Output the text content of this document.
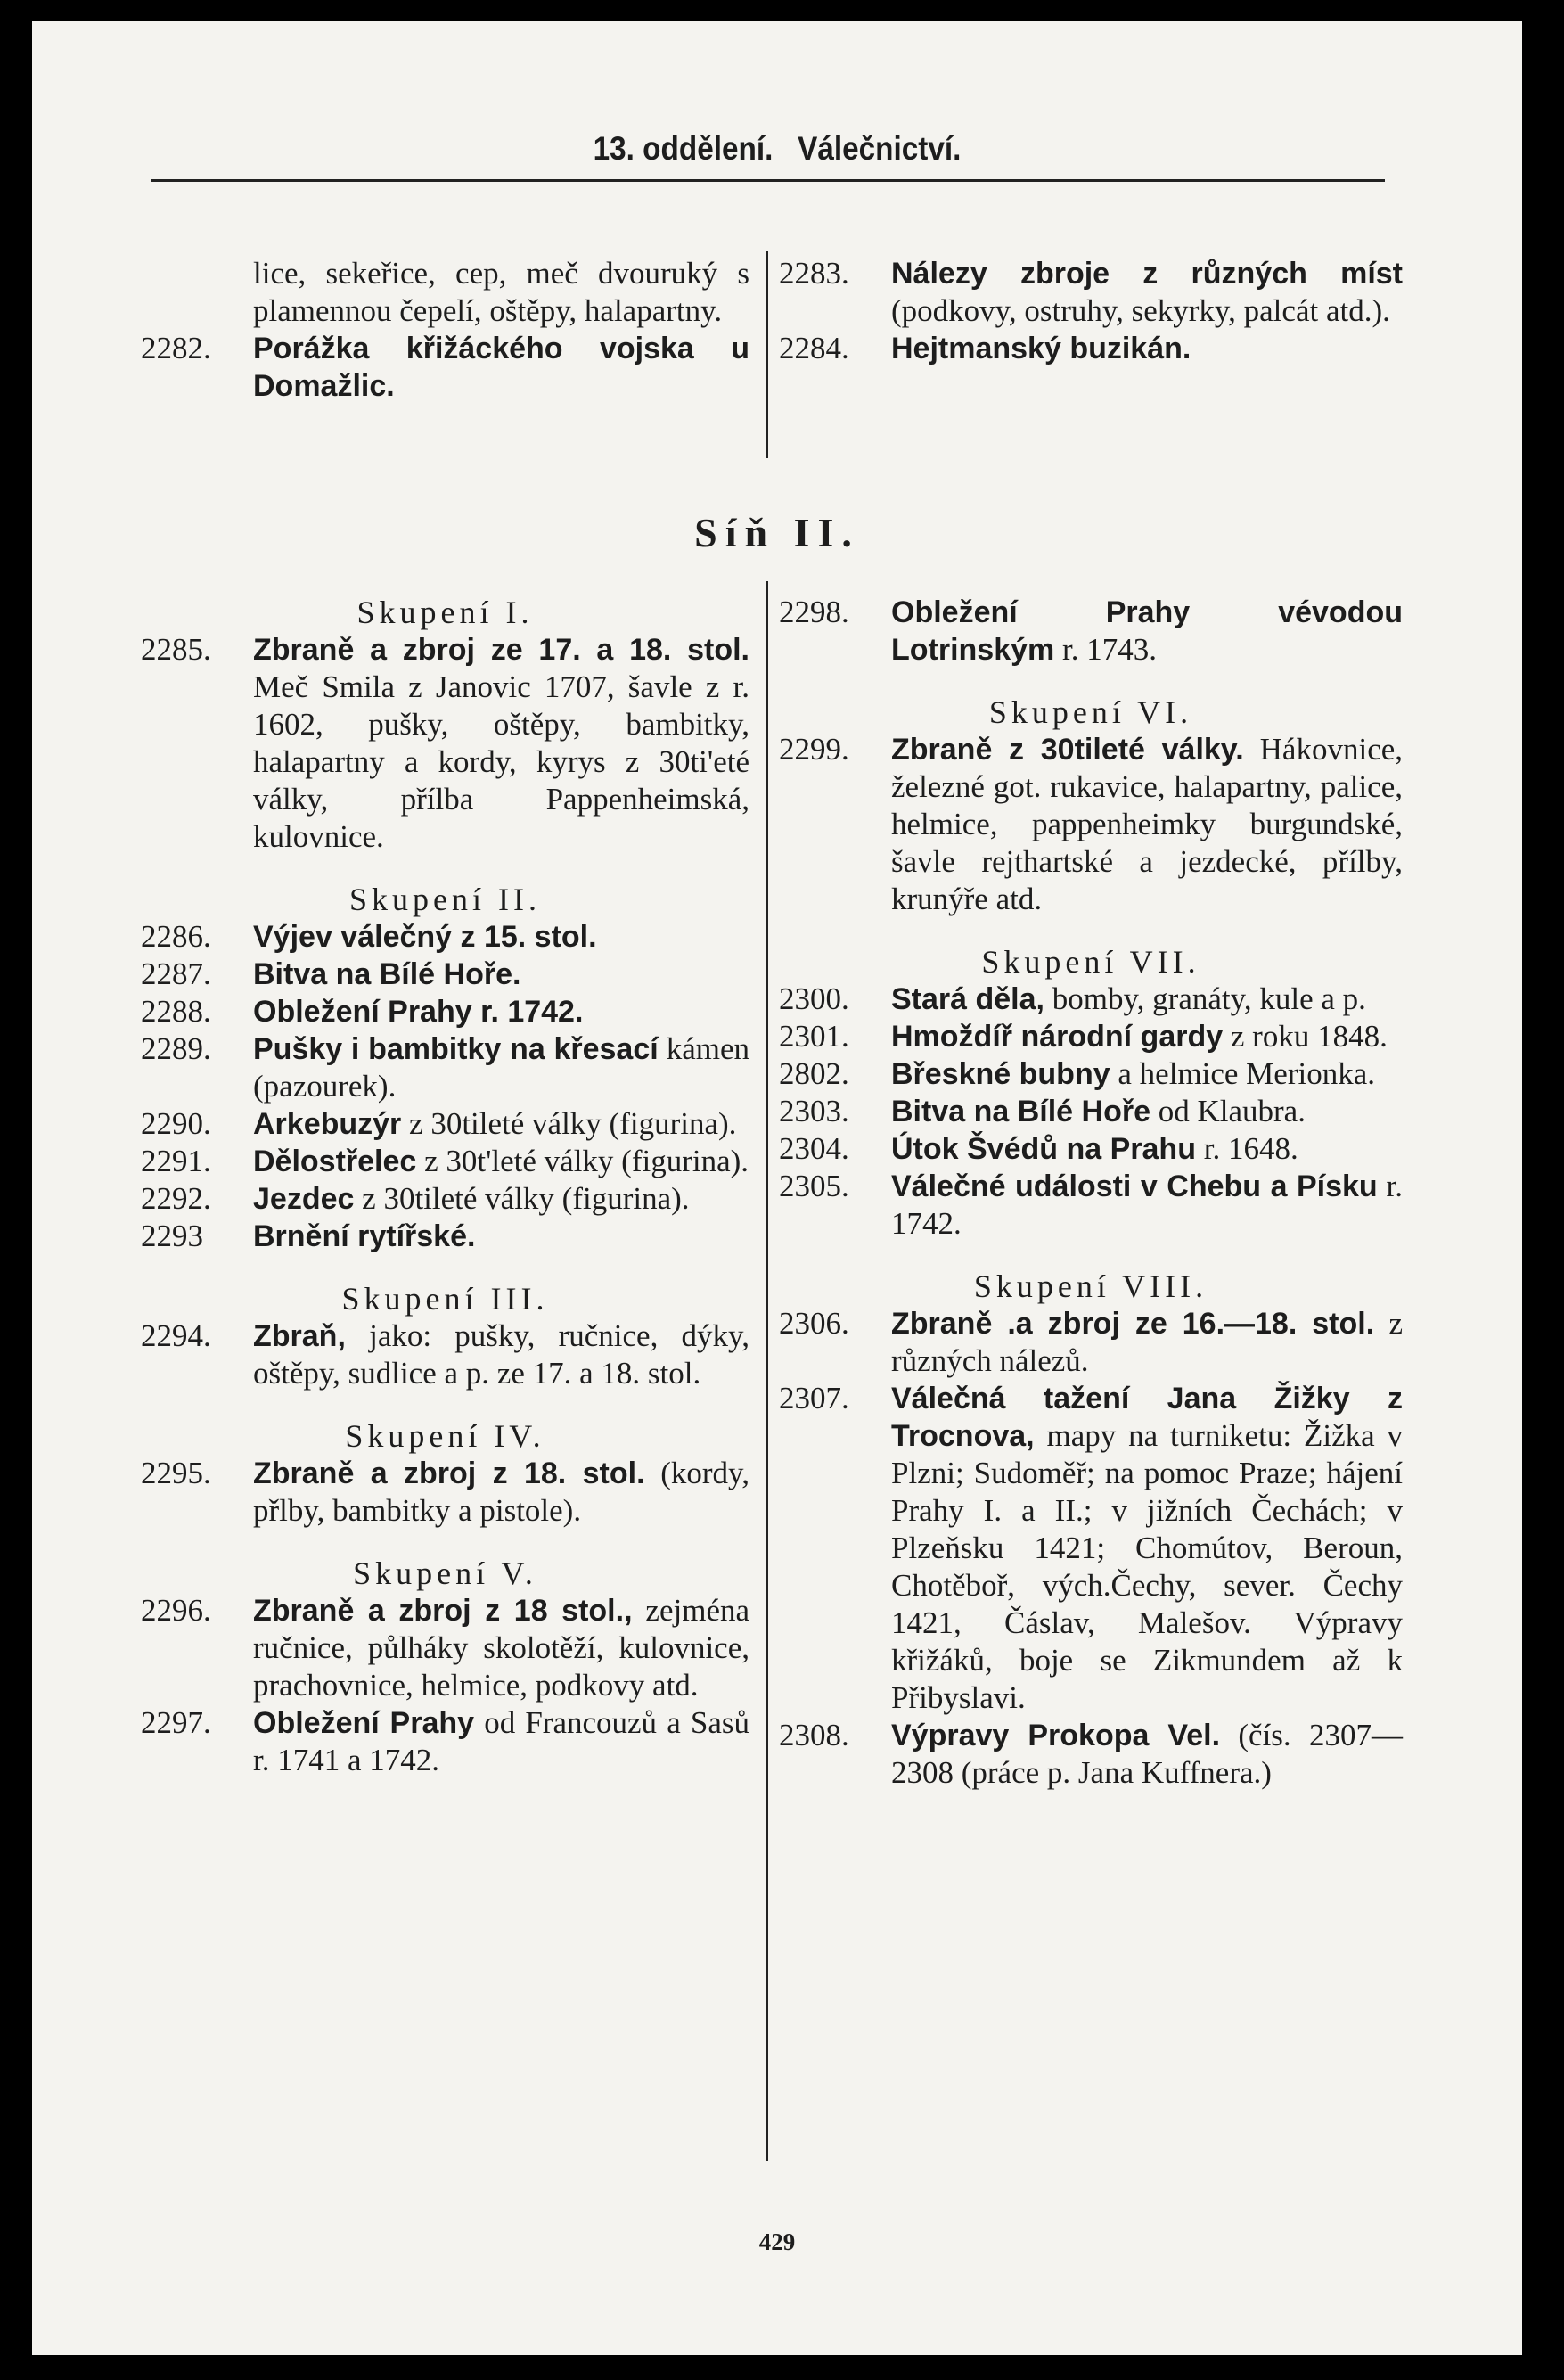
13. oddělení. Válečnictví.
lice, sekeřice, cep, meč dvouruký s plamennou čepelí, oštěpy, halapartny.
2282.	Porážka křižáckého vojska u Domažlic.
2283.	Nálezy zbroje z různých míst (podkovy, ostruhy, sekyrky, palcát atd.).
2284.	Hejtmanský buzikán.
Síň II.
Skupení I.
2285.	Zbraně a zbroj ze 17. a 18. stol. Meč Smila z Janovic 1707, šavle z r. 1602, pušky, oštěpy, bambitky, halapartny a kordy, kyrys z 30ti'eté války, přílba Pappenheimská, kulovnice.
Skupení II.
2286.	Výjev válečný z 15. stol.
2287.	Bitva na Bílé Hoře.
2288.	Obležení Prahy r. 1742.
2289.	Pušky i bambitky na křesací kámen (pazourek).
2290.	Arkebuzýr z 30tileté války (figurina).
2291.	Dělostřelec z 30t'leté války (figurina).
2292.	Jezdec z 30tileté války (figurina).
2293	Brnění rytířské.
Skupení III.
2294.	Zbraň, jako: pušky, ručnice, dýky, oštěpy, sudlice a p. ze 17. a 18. stol.
Skupení IV.
2295.	Zbraně a zbroj z 18. stol. (kordy, přlby, bambitky a pistole).
Skupení V.
2296.	Zbraně a zbroj z 18 stol., zejména ručnice, půlháky skolotěží, kulovnice, prachovnice, helmice, podkovy atd.
2297.	Obležení Prahy od Francouzů a Sasů r. 1741 a 1742.
2298.	Obležení Prahy vévodou Lotrinským r. 1743.
Skupení VI.
2299.	Zbraně z 30tileté války. Hákovnice, železné got. rukavice, halapartny, palice, helmice, pappenheimky burgundské, šavle rejthartské a jezdecké, přílby, krunýře atd.
Skupení VII.
2300.	Stará děla, bomby, granáty, kule a p.
2301.	Hmoždíř národní gardy z roku 1848.
2802.	Břeskné bubny a helmice Merionka.
2303.	Bitva na Bílé Hoře od Klaubra.
2304.	Útok Švédů na Prahu r. 1648.
2305.	Válečné události v Chebu a Písku r. 1742.
Skupení VIII.
2306.	Zbraně .a zbroj ze 16.—18. stol. z různých nálezů.
2307.	Válečná tažení Jana Žižky z Trocnova, mapy na turniketu: Žižka v Plzni; Sudoměř; na pomoc Praze; hájení Prahy I. a II.; v jižních Čechách; v Plzeňsku 1421; Chomútov, Beroun, Chotěboř, vých.Čechy, sever. Čechy 1421, Čáslav, Malešov. Výpravy křižáků, boje se Zikmundem až k Přibyslavi.
2308.	Výpravy Prokopa Vel. (čís. 2307—2308 (práce p. Jana Kuffnera.)
429
